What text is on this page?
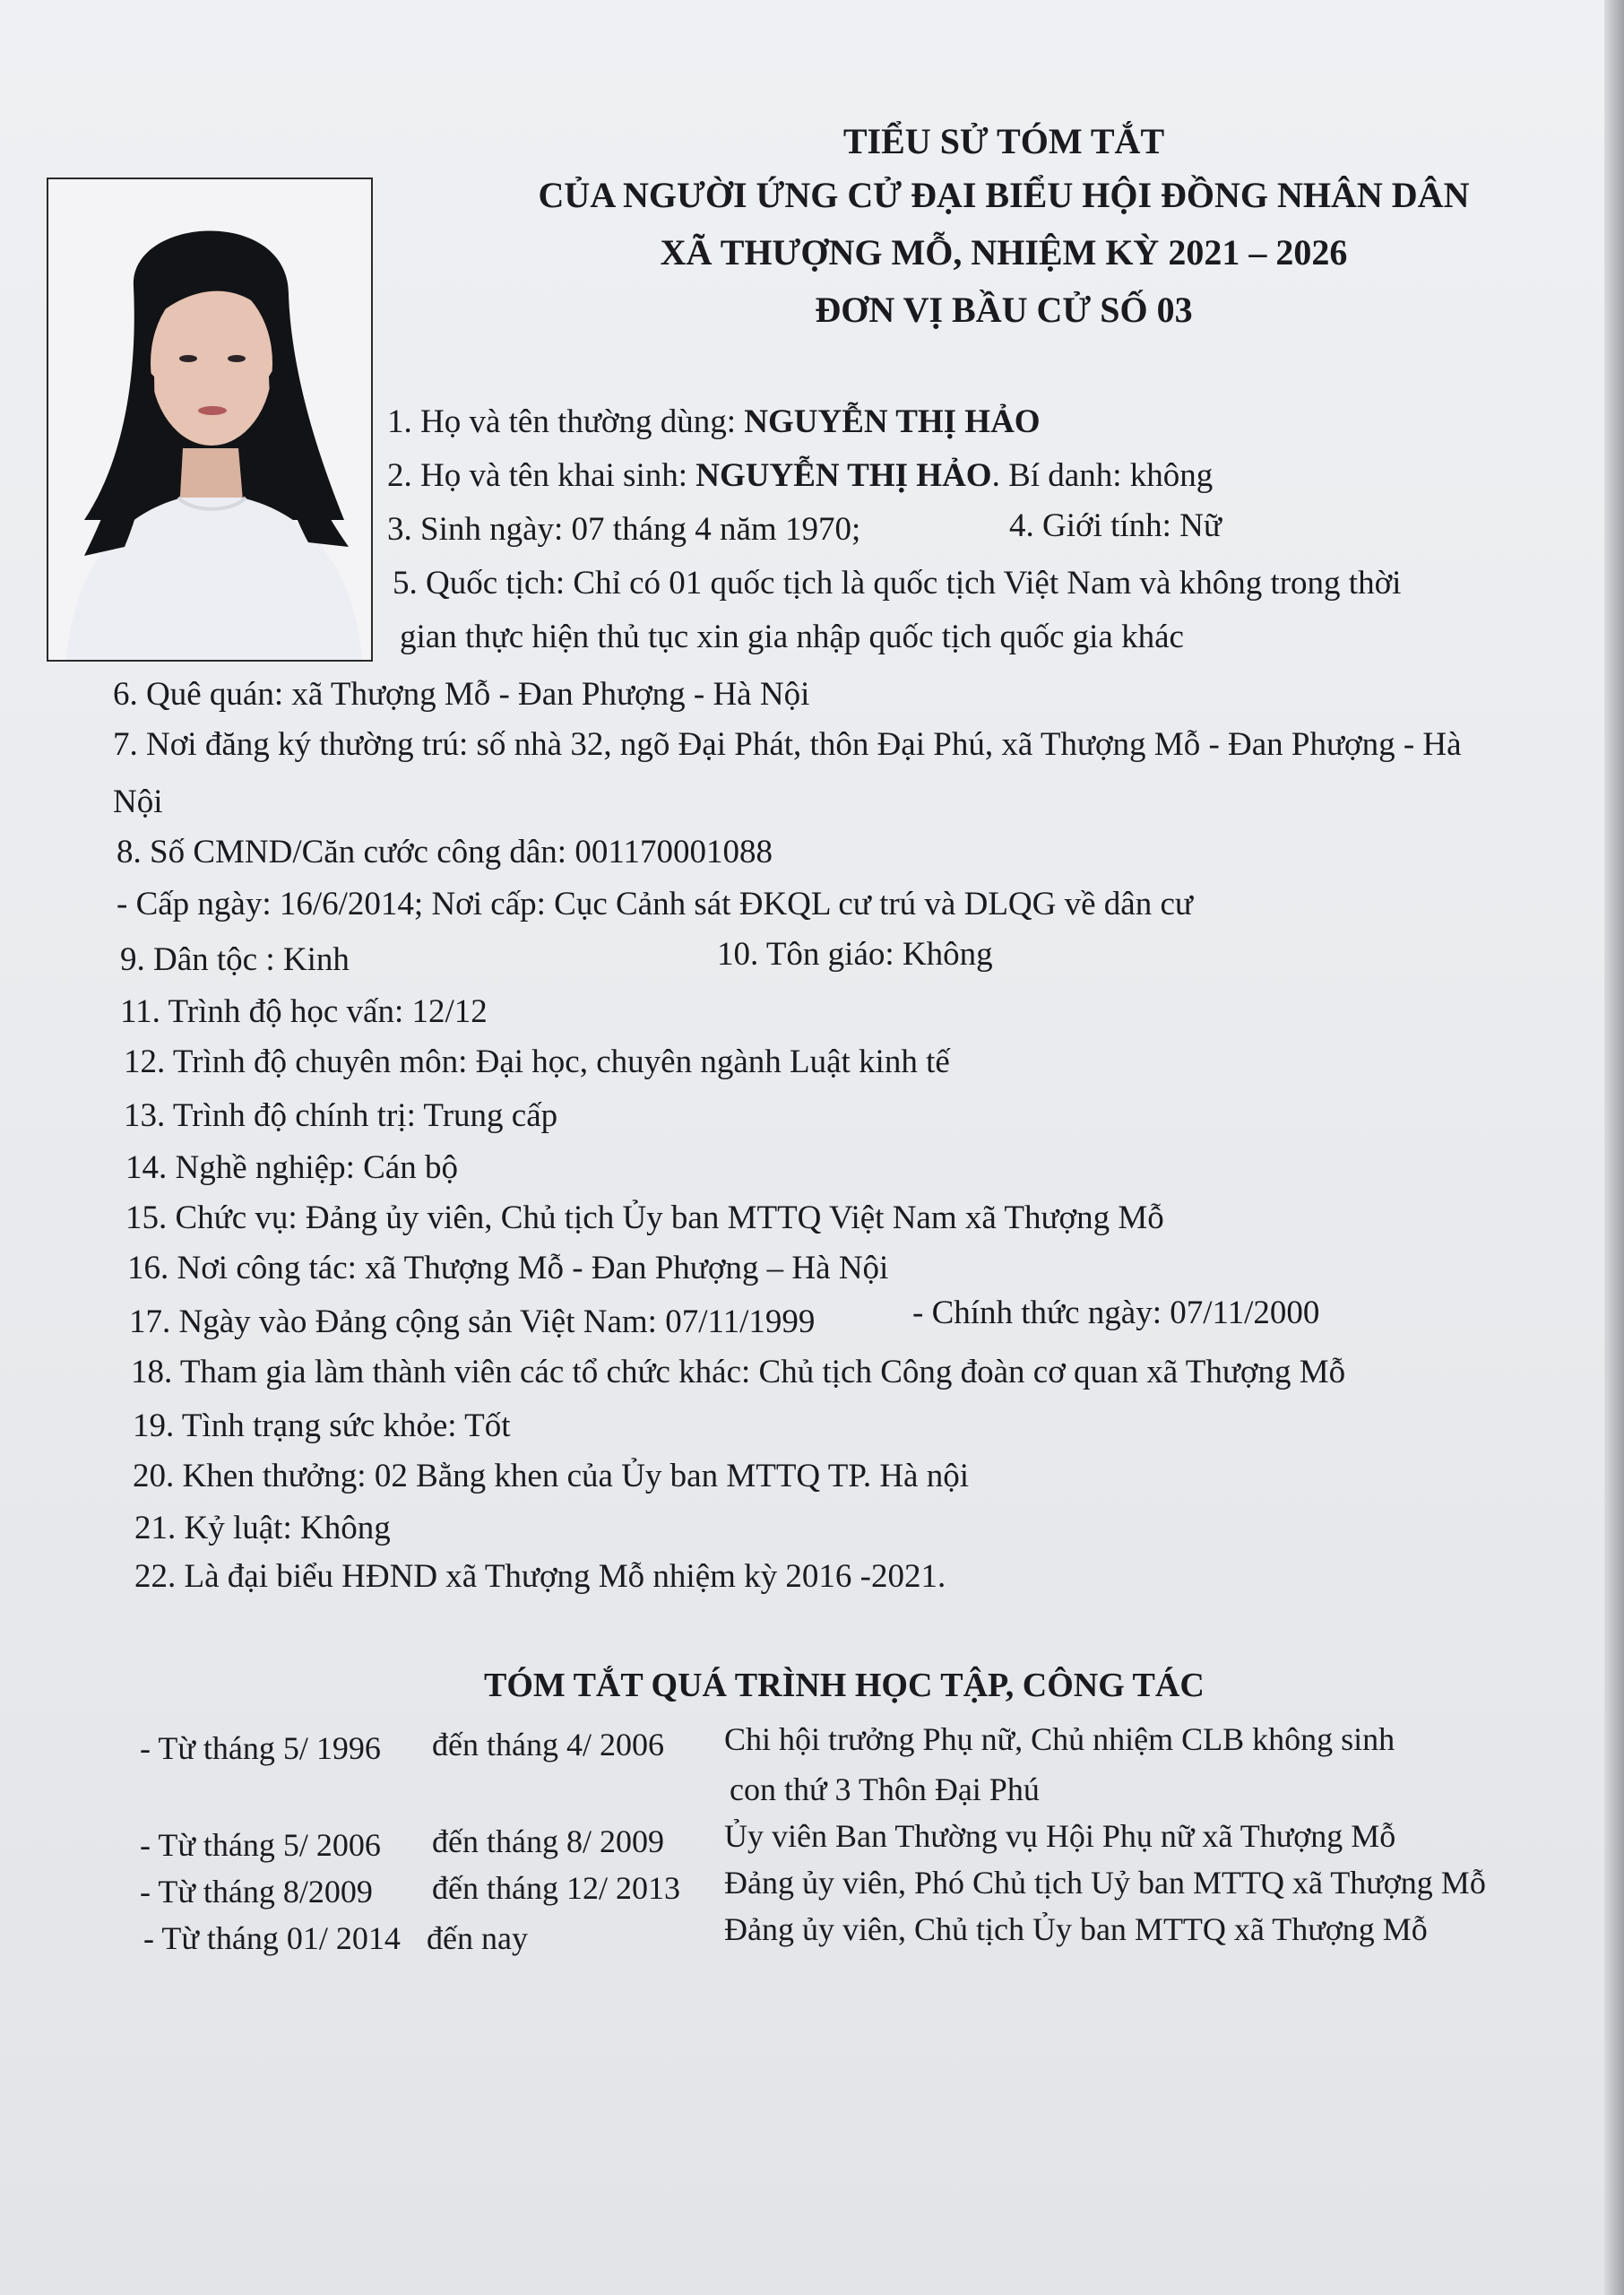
TIỂU SỬ TÓM TẮT
CỦA NGƯỜI ỨNG CỬ ĐẠI BIỂU HỘI ĐỒNG NHÂN DÂN
XÃ THƯỢNG MỖ, NHIỆM KỲ 2021 – 2026
ĐƠN VỊ BẦU CỬ SỐ 03
1. Họ và tên thường dùng: NGUYỄN THỊ HẢO
2. Họ và tên khai sinh: NGUYỄN THỊ HẢO. Bí danh: không
3. Sinh ngày: 07 tháng 4 năm 1970;	4. Giới tính: Nữ
5. Quốc tịch: Chỉ có 01 quốc tịch là quốc tịch Việt Nam và không trong thời
gian thực hiện thủ tục xin gia nhập quốc tịch quốc gia khác
6. Quê quán: xã Thượng Mỗ - Đan Phượng - Hà Nội
7. Nơi đăng ký thường trú: số nhà 32, ngõ Đại Phát, thôn Đại Phú, xã Thượng Mỗ - Đan Phượng - Hà
Nội
8. Số CMND/Căn cước công dân: 001170001088
- Cấp ngày: 16/6/2014; Nơi cấp: Cục Cảnh sát ĐKQL cư trú và DLQG về dân cư
9. Dân tộc : Kinh	10. Tôn giáo: Không
11. Trình độ học vấn: 12/12
12. Trình độ chuyên môn: Đại học, chuyên ngành Luật kinh tế
13. Trình độ chính trị: Trung cấp
14. Nghề nghiệp: Cán bộ
15. Chức vụ: Đảng ủy viên, Chủ tịch Ủy ban MTTQ Việt Nam xã Thượng Mỗ
16. Nơi công tác: xã Thượng Mỗ - Đan Phượng – Hà Nội
17. Ngày vào Đảng cộng sản Việt Nam: 07/11/1999	- Chính thức ngày: 07/11/2000
18. Tham gia làm thành viên các tổ chức khác: Chủ tịch Công đoàn cơ quan xã Thượng Mỗ
19. Tình trạng sức khỏe: Tốt
20. Khen thưởng: 02 Bằng khen của Ủy ban MTTQ TP. Hà nội
21. Kỷ luật: Không
22. Là đại biểu HĐND xã Thượng Mỗ nhiệm kỳ 2016 -2021.
TÓM TẮT QUÁ TRÌNH HỌC TẬP, CÔNG TÁC
- Từ tháng 5/ 1996 đến tháng 4/ 2006 Chi hội trưởng Phụ nữ, Chủ nhiệm CLB không sinh
con thứ 3 Thôn Đại Phú
- Từ tháng 5/ 2006 đến tháng 8/ 2009 Ủy viên Ban Thường vụ Hội Phụ nữ xã Thượng Mỗ
- Từ tháng 8/2009 đến tháng 12/ 2013 Đảng ủy viên, Phó Chủ tịch Uỷ ban MTTQ xã Thượng Mỗ
- Từ tháng 01/ 2014 đến nay	Đảng ủy viên, Chủ tịch Ủy ban MTTQ xã Thượng Mỗ
